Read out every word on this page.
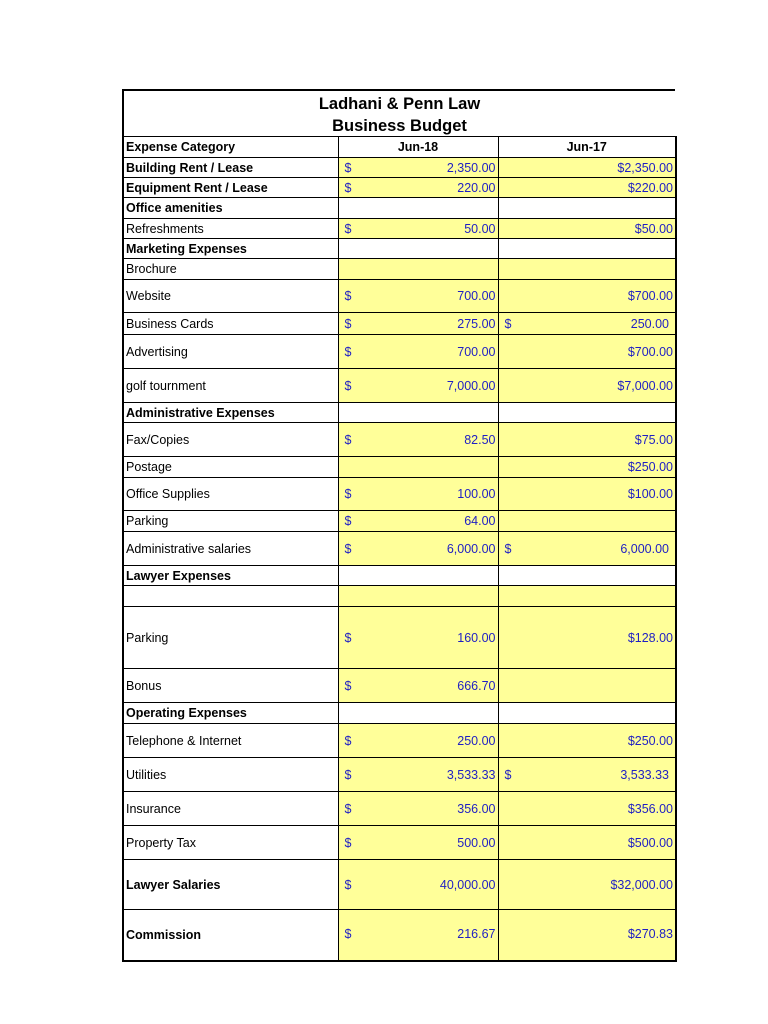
Ladhani & Penn Law
Business Budget
Expense Category	Jun-18	Jun-17
Building Rent / Lease	$ 2,350.00	$2,350.00

Equipment Rent / Lease	$ 220.00	$220.00

Office amenities		
Refreshments	$ 50.00	$50.00

Marketing Expenses		
Brochure	

Website	$ 700.00	$700.00

Business Cards	$ 275.00	$ 250.00

Advertising	$ 700.00	$700.00

golf tournment	$ 7,000.00	$7,000.00

Administrative Expenses		
Fax/Copies	$ 82.50	$75.00

Postage		$250.00

Office Supplies	$ 100.00	$100.00

Parking	$ 64.00	

Administrative salaries	$ 6,000.00	$ 6,000.00

Lawyer Expenses		

Parking	$ 160.00	$128.00

Bonus	$ 666.70	

Operating Expenses		
Telephone & Internet	$ 250.00	$250.00

Utilities	$ 3,533.33	$ 3,533.33

Insurance	$ 356.00	$356.00

Property Tax	$ 500.00	$500.00

Lawyer Salaries	$ 40,000.00	$32,000.00

Commission	$ 216.67	$270.83
